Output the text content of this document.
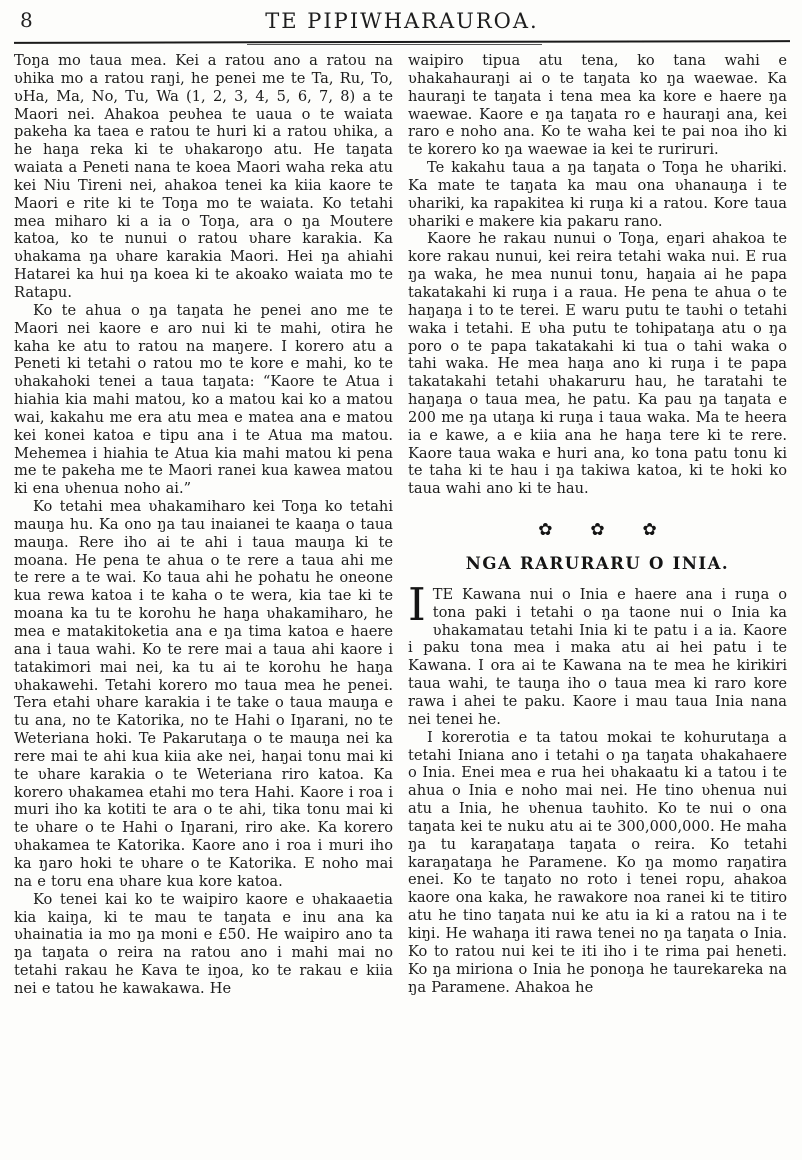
8	TE PIPIWHARAUROA.

Toŋa mo taua mea. Kei a ratou ano a ratou na ʋhika mo a ratou raŋi, he penei me te Ta, Ru, To, ʋHa, Ma, No, Tu, Wa (1, 2, 3, 4, 5, 6, 7, 8) a te Maori nei. Ahakoa peʋhea te uaua o te waiata pakeha ka taea e ratou te huri ki a ratou ʋhika, a he haŋa reka ki te ʋhakaroŋo atu. He taŋata waiata a Peneti nana te koea Maori waha reka atu kei Niu Tireni nei, ahakoa tenei ka kiia kaore te Maori e rite ki te Toŋa mo te waiata. Ko tetahi mea miharo ki a ia o Toŋa, ara o ŋa Moutere katoa, ko te nunui o ratou ʋhare karakia. Ka ʋhakama ŋa ʋhare karakia Maori. Hei ŋa ahiahi Hatarei ka hui ŋa koea ki te akoako waiata mo te Ratapu.

Ko te ahua o ŋa taŋata he penei ano me te Maori nei kaore e aro nui ki te mahi, otira he kaha ke atu to ratou na maŋere. I korero atu a Peneti ki tetahi o ratou mo te kore e mahi, ko te ʋhakahoki tenei a taua taŋata: “Kaore te Atua i hiahia kia mahi matou, ko a matou kai ko a matou wai, kakahu me era atu mea e matea ana e matou kei konei katoa e tipu ana i te Atua ma matou. Mehemea i hiahia te Atua kia mahi matou ki pena me te pakeha me te Maori ranei kua kawea matou ki ena ʋhenua noho ai.”

Ko tetahi mea ʋhakamiharo kei Toŋa ko tetahi mauŋa hu. Ka ono ŋa tau inaianei te kaaŋa o taua mauŋa. Rere iho ai te ahi i taua mauŋa ki te moana. He pena te ahua o te rere a taua ahi me te rere a te wai. Ko taua ahi he pohatu he oneone kua rewa katoa i te kaha o te wera, kia tae ki te moana ka tu te korohu he haŋa ʋhakamiharo, he mea e matakitoketia ana e ŋa tima katoa e haere ana i taua wahi. Ko te rere mai a taua ahi kaore i tatakimori mai nei, ka tu ai te korohu he haŋa ʋhakawehi. Tetahi korero mo taua mea he penei. Tera etahi ʋhare karakia i te take o taua mauŋa e tu ana, no te Katorika, no te Hahi o Iŋarani, no te Weteriana hoki. Te Pakarutaŋa o te mauŋa nei ka rere mai te ahi kua kiia ake nei, haŋai tonu mai ki te ʋhare karakia o te Weteriana riro katoa. Ka korero ʋhakamea etahi mo tera Hahi. Kaore i roa i muri iho ka kotiti te ara o te ahi, tika tonu mai ki te ʋhare o te Hahi o Iŋarani, riro ake. Ka korero ʋhakamea te Katorika. Kaore ano i roa i muri iho ka ŋaro hoki te ʋhare o te Katorika. E noho mai na e toru ena ʋhare kua kore katoa.

Ko tenei kai ko te waipiro kaore e ʋhakaaetia kia kaiŋa, ki te mau te taŋata e inu ana ka ʋhainatia ia mo ŋa moni e £50. He waipiro ano ta ŋa taŋata o reira na ratou ano i mahi mai no tetahi rakau he Kava te iŋoa, ko te rakau e kiia nei e tatou he kawakawa. He

waipiro tipua atu tena, ko tana wahi e ʋhakahauraŋi ai o te taŋata ko ŋa waewae. Ka hauraŋi te taŋata i tena mea ka kore e haere ŋa waewae. Kaore e ŋa taŋata ro e hauraŋi ana, kei raro e noho ana. Ko te waha kei te pai noa iho ki te korero ko ŋa waewae ia kei te ruriruri.

Te kakahu taua a ŋa taŋata o Toŋa he ʋhariki. Ka mate te taŋata ka mau ona ʋhanauŋa i te ʋhariki, ka rapakitea ki ruŋa ki a ratou. Kore taua ʋhariki e makere kia pakaru rano.

Kaore he rakau nunui o Toŋa, eŋari ahakoa te kore rakau nunui, kei reira tetahi waka nui. E rua ŋa waka, he mea nunui tonu, haŋaia ai he papa takatakahi ki ruŋa i a raua. He pena te ahua o te haŋaŋa i to te terei. E waru putu te taʋhi o tetahi waka i tetahi. E ʋha putu te tohipataŋa atu o ŋa poro o te papa takatakahi ki tua o tahi waka o tahi waka. He mea haŋa ano ki ruŋa i te papa takatakahi tetahi ʋhakaruru hau, he taratahi te haŋaŋa o taua mea, he patu. Ka pau ŋa taŋata e 200 me ŋa utaŋa ki ruŋa i taua waka. Ma te heera ia e kawe, a e kiia ana he haŋa tere ki te rere. Kaore taua waka e huri ana, ko tona patu tonu ki te taha ki te hau i ŋa takiwa katoa, ki te hoki ko taua wahi ano ki te hau.

✿ ✿ ✿
NGA RARURARU O INIA.

ITE Kawana nui o Inia e haere ana i ruŋa o tona paki i tetahi o ŋa taone nui o Inia ka ʋhakamatau tetahi Inia ki te patu i a ia. Kaore i paku tona mea i maka atu ai hei patu i te Kawana. I ora ai te Kawana na te mea he kirikiri taua wahi, te tauŋa iho o taua mea ki raro kore rawa i ahei te paku. Kaore i mau taua Inia nana nei tenei he.

I korerotia e ta tatou mokai te kohurutaŋa a tetahi Iniana ano i tetahi o ŋa taŋata ʋhakahaere o Inia. Enei mea e rua hei ʋhakaatu ki a tatou i te ahua o Inia e noho mai nei. He tino ʋhenua nui atu a Inia, he ʋhenua taʋhito. Ko te nui o ona taŋata kei te nuku atu ai te 300,000,000. He maha ŋa tu karaŋataŋa taŋata o reira. Ko tetahi karaŋataŋa he Paramene. Ko ŋa momo raŋatira enei. Ko te taŋato no roto i tenei ropu, ahakoa kaore ona kaka, he rawakore noa ranei ki te titiro atu he tino taŋata nui ke atu ia ki a ratou na i te kiŋi. He wahaŋa iti rawa tenei no ŋa taŋata o Inia. Ko to ratou nui kei te iti iho i te rima pai heneti. Ko ŋa miriona o Inia he ponoŋa he taurekareka na ŋa Paramene. Ahakoa he
